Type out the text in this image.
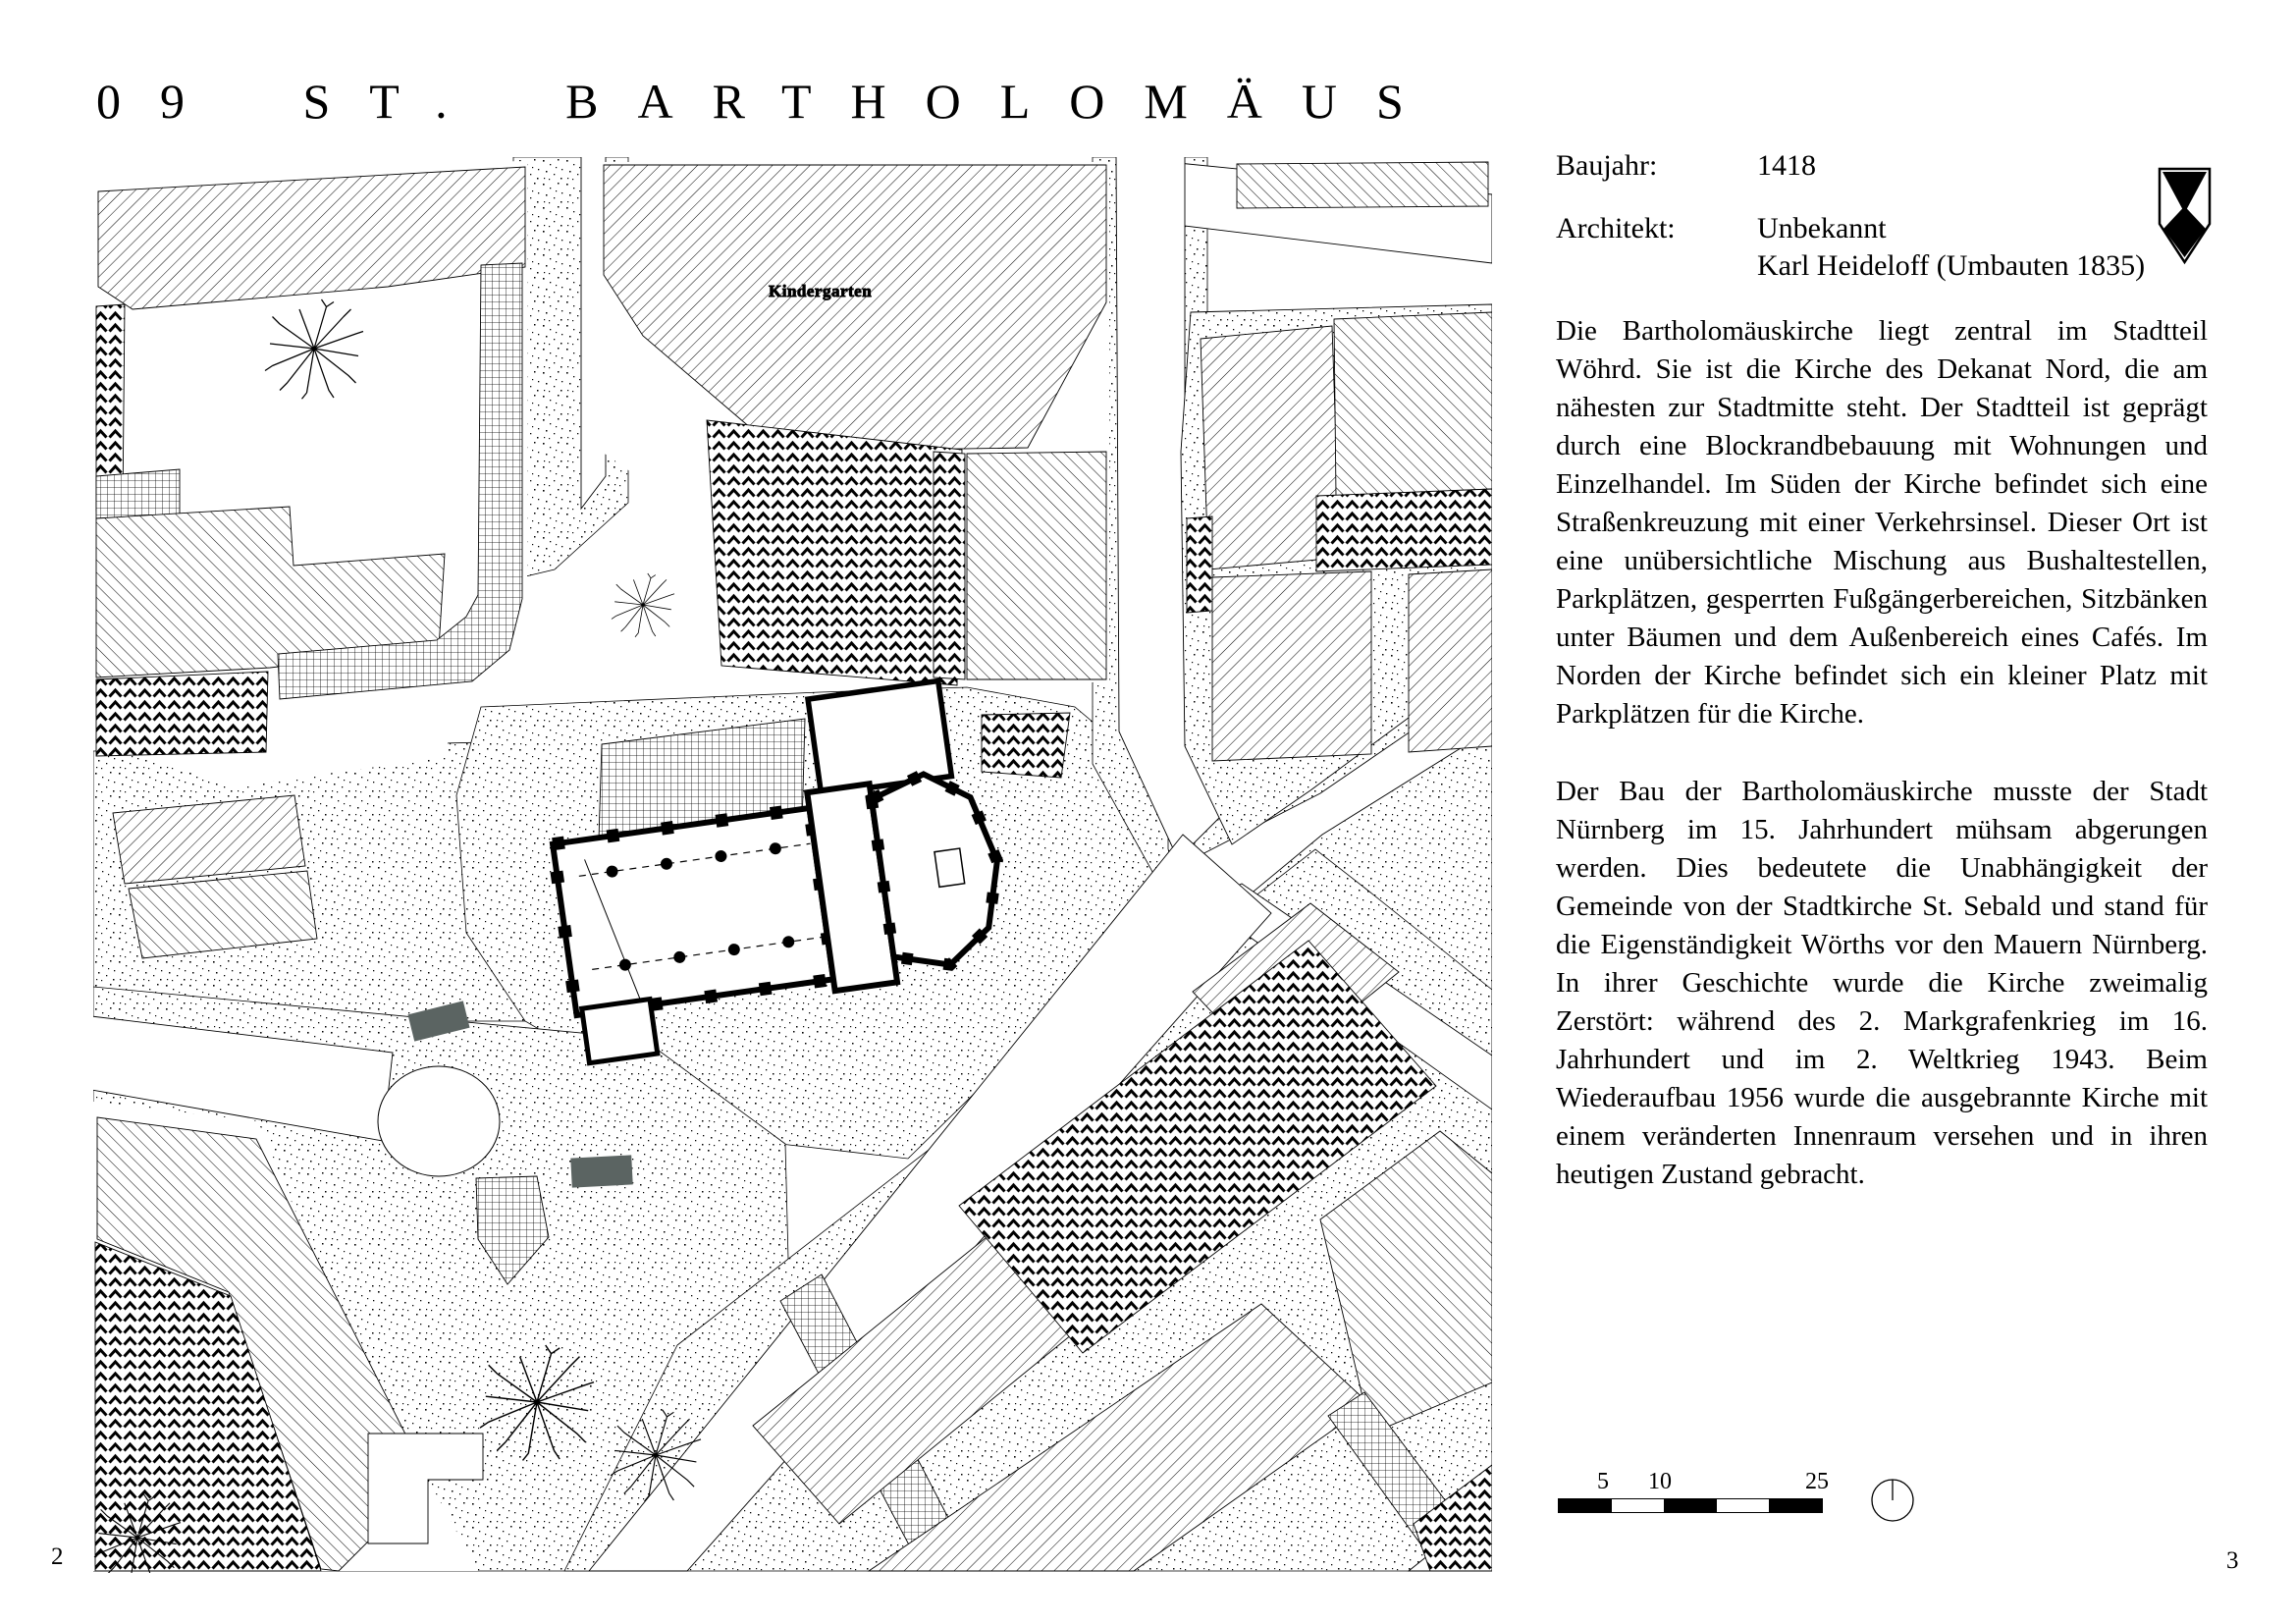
09 ST. BARTHOLOMÄUS
Kindergarten
Baujahr:	1418
Architekt:	Unbekannt
Karl Heideloff (Umbauten 1835)

Die Bartholomäuskirche liegt zentral im Stadtteil Wöhrd. Sie ist die Kirche des Dekanat Nord, die am nähesten zur Stadtmitte steht. Der Stadtteil ist geprägt durch eine Blockrandbebauung mit Wohnungen und Einzelhandel. Im Süden der Kirche befindet sich eine Straßenkreuzung mit einer Verkehrsinsel. Dieser Ort ist eine unübersichtliche Mischung aus Bushaltestellen, Parkplätzen, gesperrten Fußgängerbereichen, Sitzbänken unter Bäumen und dem Außenbereich eines Cafés. Im Norden der Kirche befindet sich ein kleiner Platz mit Parkplätzen für die Kirche.

Der Bau der Bartholomäuskirche musste der Stadt Nürnberg im 15. Jahrhundert mühsam abgerungen werden. Dies bedeutete die Unabhängigkeit der Gemeinde von der Stadtkirche St. Sebald und stand für die Eigenständigkeit Wörths vor den Mauern Nürnberg. In ihrer Geschichte wurde die Kirche zweimalig Zerstört: während des 2. Markgrafenkrieg im 16. Jahrhundert und im 2. Weltkrieg 1943. Beim Wiederaufbau 1956 wurde die ausgebrannte Kirche mit einem veränderten Innenraum versehen und in ihren heutigen Zustand gebracht.

5 10	25
2	3
